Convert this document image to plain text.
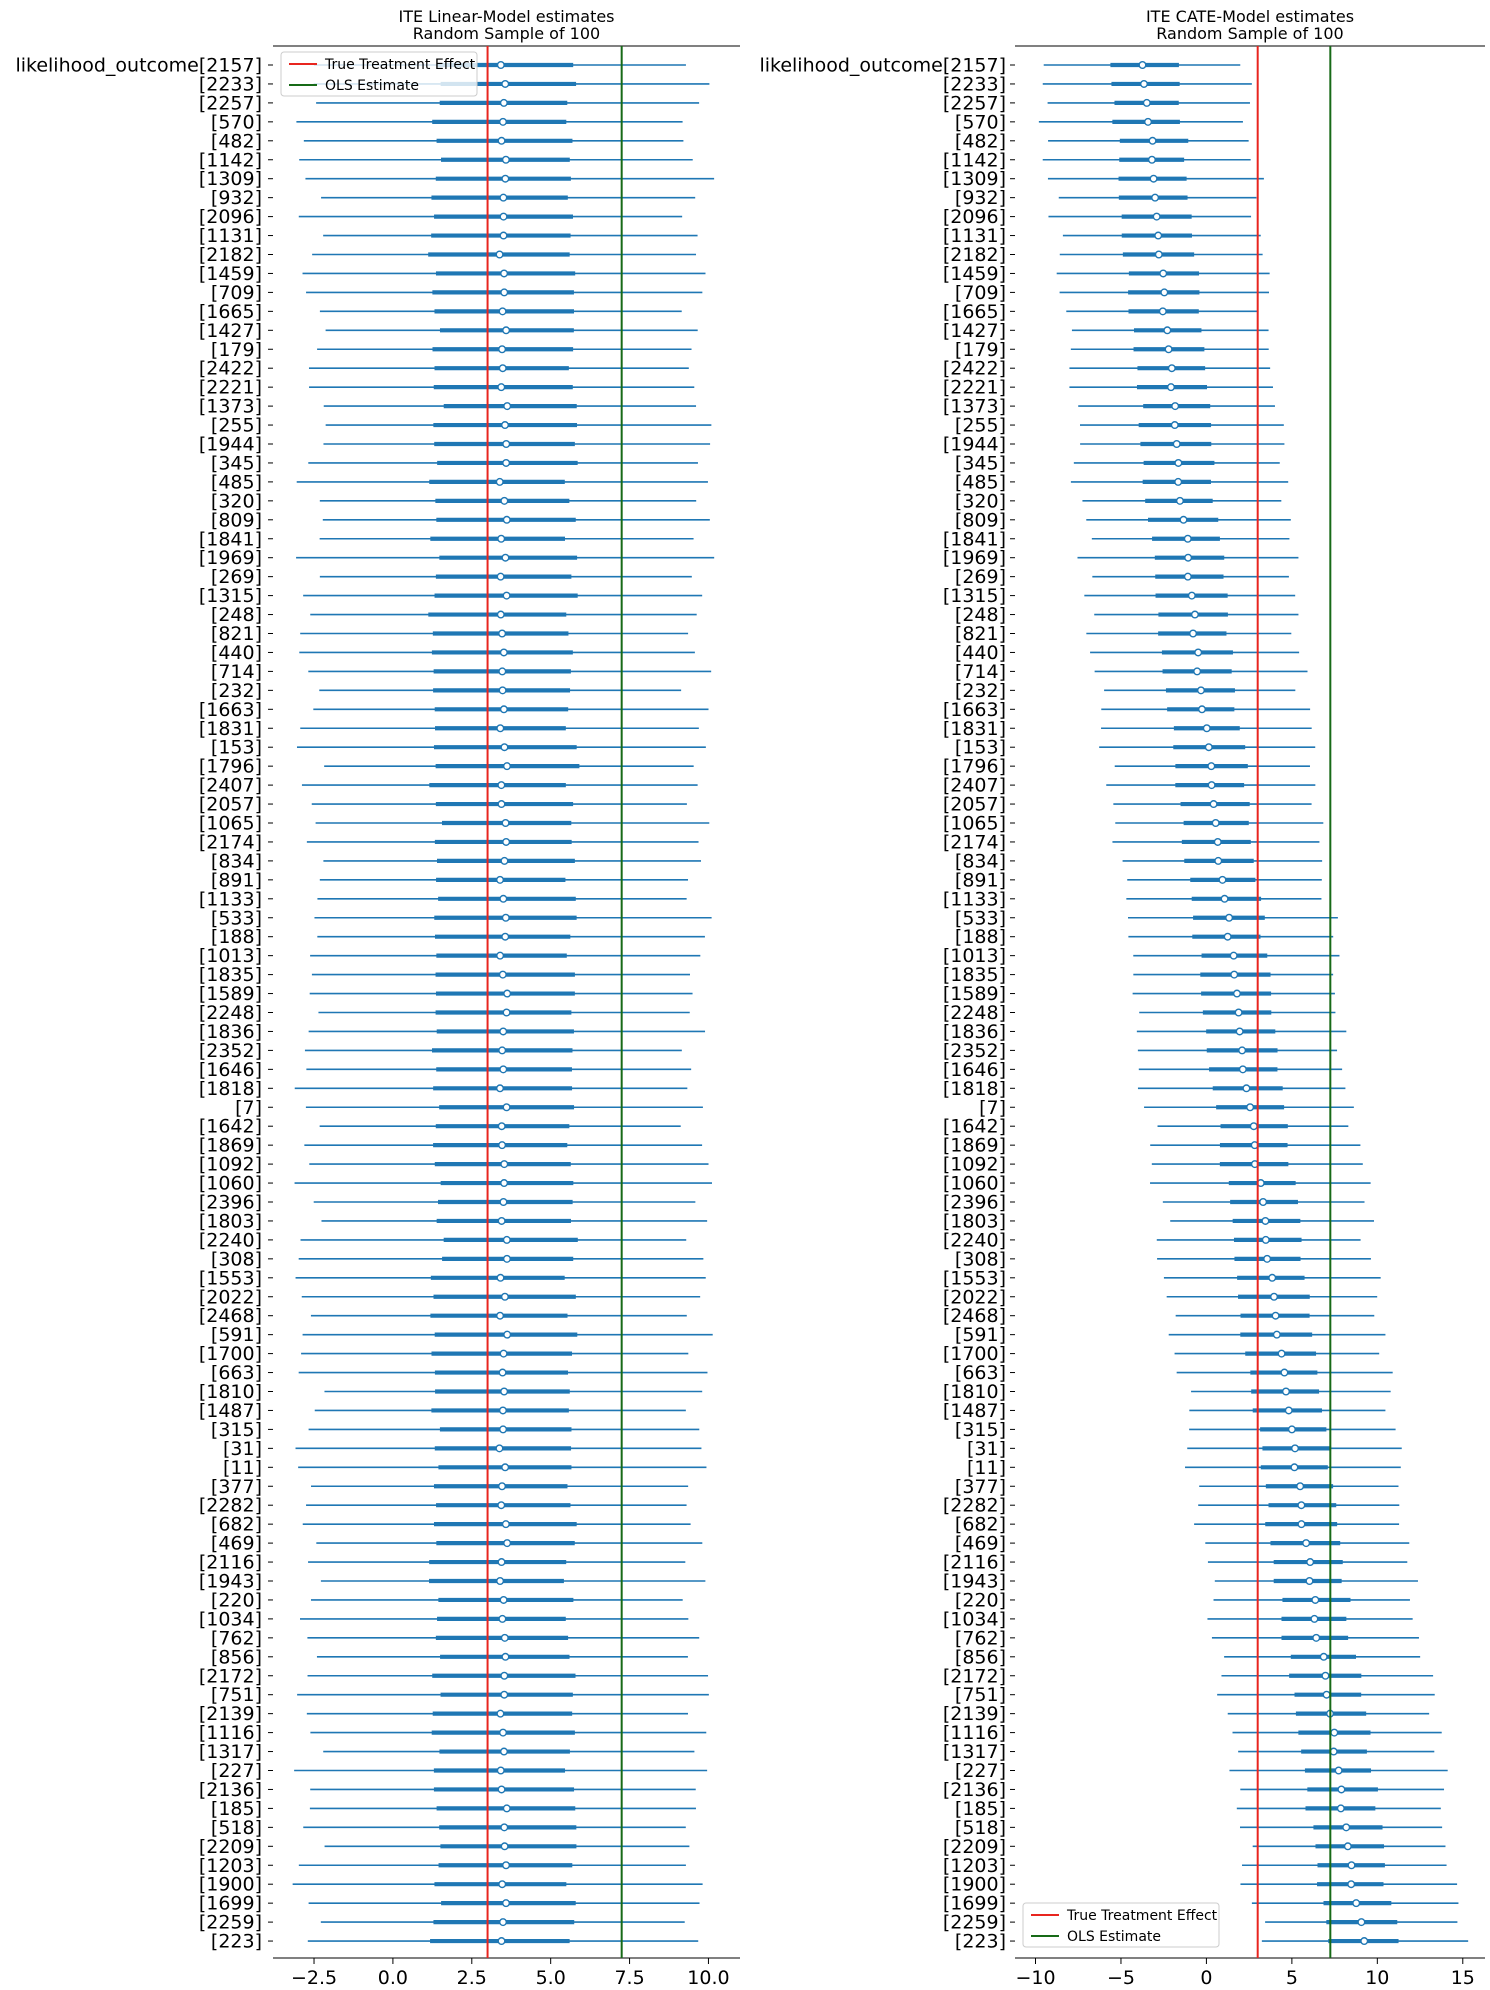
ITE Linear-Model estimates
Random Sample of 100
−2.5 0.0	2.5	5.0	7.5 10.0
likelihood_outcome[2157]
[2233]
[2257]
[570]
[482]
[1142]
[1309]
[932]
[2096]
[1131]
[2182]
[1459]
[709]
[1665]
[1427]
[179]
[2422]
[2221]
[1373]
[255]
[1944]
[345]
[485]
[320]
[809]
[1841]
[1969]
[269]
[1315]
[248]
[821]
[440]
[714]
[232]
[1663]
[1831]
[153]
[1796]
[2407]
[2057]
[1065]
[2174]
[834]
[891]
[1133]
[533]
[188]
[1013]
[1835]
[1589]
[2248]
[1836]
[2352]
[1646]
[1818]
[7]
[1642]
[1869]
[1092]
[1060]
[2396]
[1803]
[2240]
[308]
[1553]
[2022]
[2468]
[591]
[1700]
[663]
[1810]
[1487]
[315]
[31]
[11]
[377]
[2282]
[682]
[469]
[2116]
[1943]
[220]
[1034]
[762]
[856]
[2172]
[751]
[2139]
[1116]
[1317]
[227]
[2136]
[185]
[518]
[2209]
[1203]
[1900]
[1699]
[2259]
[223]
True Treatment Effect
OLS Estimate
ITE CATE-Model estimates
Random Sample of 100
−10	−5	0	5	10	15
likelihood_outcome[2157]
[2233]
[2257]
[570]
[482]
[1142]
[1309]
[932]
[2096]
[1131]
[2182]
[1459]
[709]
[1665]
[1427]
[179]
[2422]
[2221]
[1373]
[255]
[1944]
[345]
[485]
[320]
[809]
[1841]
[1969]
[269]
[1315]
[248]
[821]
[440]
[714]
[232]
[1663]
[1831]
[153]
[1796]
[2407]
[2057]
[1065]
[2174]
[834]
[891]
[1133]
[533]
[188]
[1013]
[1835]
[1589]
[2248]
[1836]
[2352]
[1646]
[1818]
[7]
[1642]
[1869]
[1092]
[1060]
[2396]
[1803]
[2240]
[308]
[1553]
[2022]
[2468]
[591]
[1700]
[663]
[1810]
[1487]
[315]
[31]
[11]
[377]
[2282]
[682]
[469]
[2116]
[1943]
[220]
[1034]
[762]
[856]
[2172]
[751]
[2139]
[1116]
[1317]
[227]
[2136]
[185]
[518]
[2209]
[1203]
[1900]
[1699]
[2259]
[223]
True Treatment Effect
OLS Estimate
